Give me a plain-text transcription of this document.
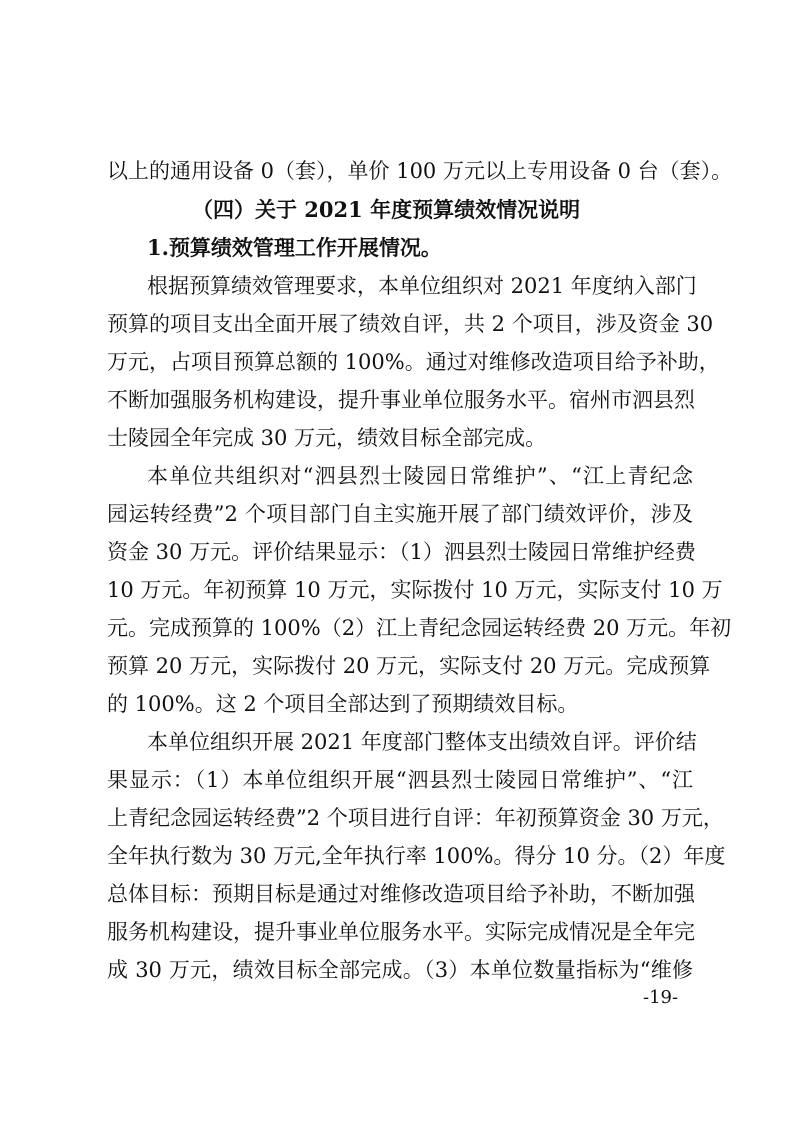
以上的通用设备 0（套），单价 100 万元以上专用设备 0 台（套）。
（四）关于 2021 年度预算绩效情况说明
1.预算绩效管理工作开展情况。
根据预算绩效管理要求，本单位组织对 2021 年度纳入部门
预算的项目支出全面开展了绩效自评，共 2 个项目，涉及资金 30
万元，占项目预算总额的 100%。通过对维修改造项目给予补助，
不断加强服务机构建设，提升事业单位服务水平。宿州市泗县烈
士陵园全年完成 30 万元，绩效目标全部完成。
本单位共组织对“泗县烈士陵园日常维护”、“江上青纪念
园运转经费”2 个项目部门自主实施开展了部门绩效评价，涉及
资金 30 万元。评价结果显示：（1）泗县烈士陵园日常维护经费
10 万元。年初预算 10 万元，实际拨付 10 万元，实际支付 10 万
元。完成预算的 100%（2）江上青纪念园运转经费 20 万元。年初
预算 20 万元，实际拨付 20 万元，实际支付 20 万元。完成预算
的 100%。这 2 个项目全部达到了预期绩效目标。
本单位组织开展 2021 年度部门整体支出绩效自评。评价结
果显示：（1）本单位组织开展“泗县烈士陵园日常维护”、“江
上青纪念园运转经费”2 个项目进行自评：年初预算资金 30 万元，
全年执行数为 30 万元,全年执行率 100%。得分 10 分。（2）年度
总体目标：预期目标是通过对维修改造项目给予补助，不断加强
服务机构建设，提升事业单位服务水平。实际完成情况是全年完
成 30 万元，绩效目标全部完成。（3）本单位数量指标为“维修
-19-
